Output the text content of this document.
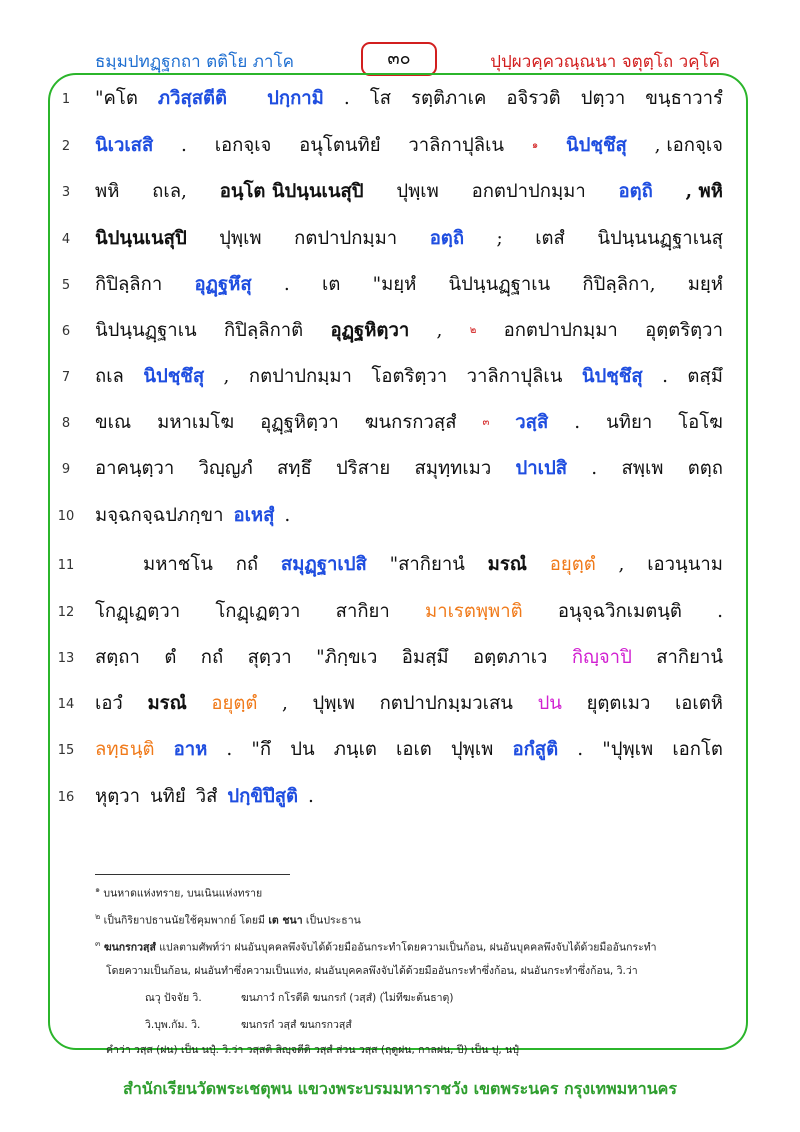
ธมฺมปทฏฺฐกถา ตติโย ภาโค	๓๐	ปุปฺผวคฺควณฺณนา จตุตฺโถ วคฺโค
1	"คโต ภวิสฺสตีติ ปกฺกามิ . โส รตฺติภาเค อจิรวติ ปตฺวา ขนฺธาวารํ
2	นิเวเสสิ . เอกจฺเจ อนุโตนทิยํ วาลิกาปุลิเน	๑ นิปชฺชึสุ , เอกจฺเจ
3	พหิ ถเล, อนฺโต นิปนฺนเนสุปิ ปุพฺเพ อกตปาปกมฺมา อตฺถิ , พหิ
4	นิปนฺนเนสุปิ ปุพฺเพ กตปาปกมฺมา อตฺถิ ; เตสํ นิปนฺนนฏฺฐาเนสุ
5	กิปิลฺลิกา อุฏฺฐหึสุ . เต "มยฺหํ นิปนฺนฏฺฐาเน กิปิลฺลิกา, มยฺหํ
6	นิปนฺนฏฺฐาเน กิปิลฺลิกาติ อุฏฺฐหิตฺวา ,	๒ อกตปาปกมฺมา อุตฺตริตฺวา
7	ถเล นิปชฺชึสุ , กตปาปกมฺมา โอตริตฺวา วาลิกาปุลิเน นิปชฺชึสุ . ตสฺมึ
8	ขเณ มหาเมโฆ อุฏฺฐหิตฺวา ฆนกรกวสฺสํ	๓ วสฺสิ . นทิยา โอโฆ
9	อาคนฺตฺวา วิญฺญภํ สทฺธึ ปริสาย สมุทฺทเมว ปาเปสิ . สพฺเพ ตตฺถ
10	มจฺฉกจฺฉปภกฺขา อเหสุํ .
11	มหาชโน กถํ สมุฏฺฐาเปสิ "สากิยานํ มรณํ อยุตฺตํ , เอวนฺนาม
12	โกฏฺเฏตฺวา โกฏฺเฏตฺวา สากิยา มาเรตพฺพาติ อนุจฺฉวิกเมตนฺติ .
13	สตฺถา ตํ กถํ สุตฺวา "ภิกฺขเว อิมสฺมึ อตฺตภาเว กิญฺจาปิ สากิยานํ
14	เอวํ มรณํ อยุตฺตํ , ปุพฺเพ กตปาปกมฺมวเสน ปน ยุตฺตเมว เอเตหิ
15	ลทฺธนฺติ อาห . "กึ ปน ภนฺเต เอเต ปุพฺเพ อกํสูติ . "ปุพฺเพ เอกโต
16	หุตฺวา นทิยํ วิสํ ปกฺขิปึสูติ .
$^๑$ บนหาดแห่งทราย, บนเนินแห่งทราย
$^๒$ เป็นกิริยาปธานนัยใช้คุมพากย์ โดยมี เต ชนา เป็นประธาน
$^๓$ ฆนกรกวสฺสํ แปลตามศัพท์ว่า ฝนอันบุคคลพึงจับได้ด้วยมืออันกระทำโดยความเป็นก้อน, ฝนอันบุคคลพึงจับได้ด้วยมืออันกระทำ
โดยความเป็นก้อน, ฝนอันทำซึ่งความเป็นแท่ง, ฝนอันบุคคลพึงจับได้ด้วยมืออันกระทำซึ่งก้อน, ฝนอันกระทำซึ่งก้อน, วิ.ว่า
ณวุ ปัจจัย วิ.	ฆนภาวํ กโรตีติ ฆนกรกํ (วสฺสํ) (ไม่ทีฆะต้นธาตุ)
วิ.บุพ.กัม. วิ.	ฆนกรกํ วสฺสํ ฆนกรกวสฺสํ
คำว่า วสฺส (ฝน) เป็น นปุํ. วิ.ว่า วสฺสติ สิญฺจตีติ วสฺสํ ส่วน วสฺส (ฤดูฝน, กาลฝน, ปี) เป็น ปุ, นปุํ
สำนักเรียนวัดพระเชตุพน แขวงพระบรมมหาราชวัง เขตพระนคร กรุงเทพมหานคร
